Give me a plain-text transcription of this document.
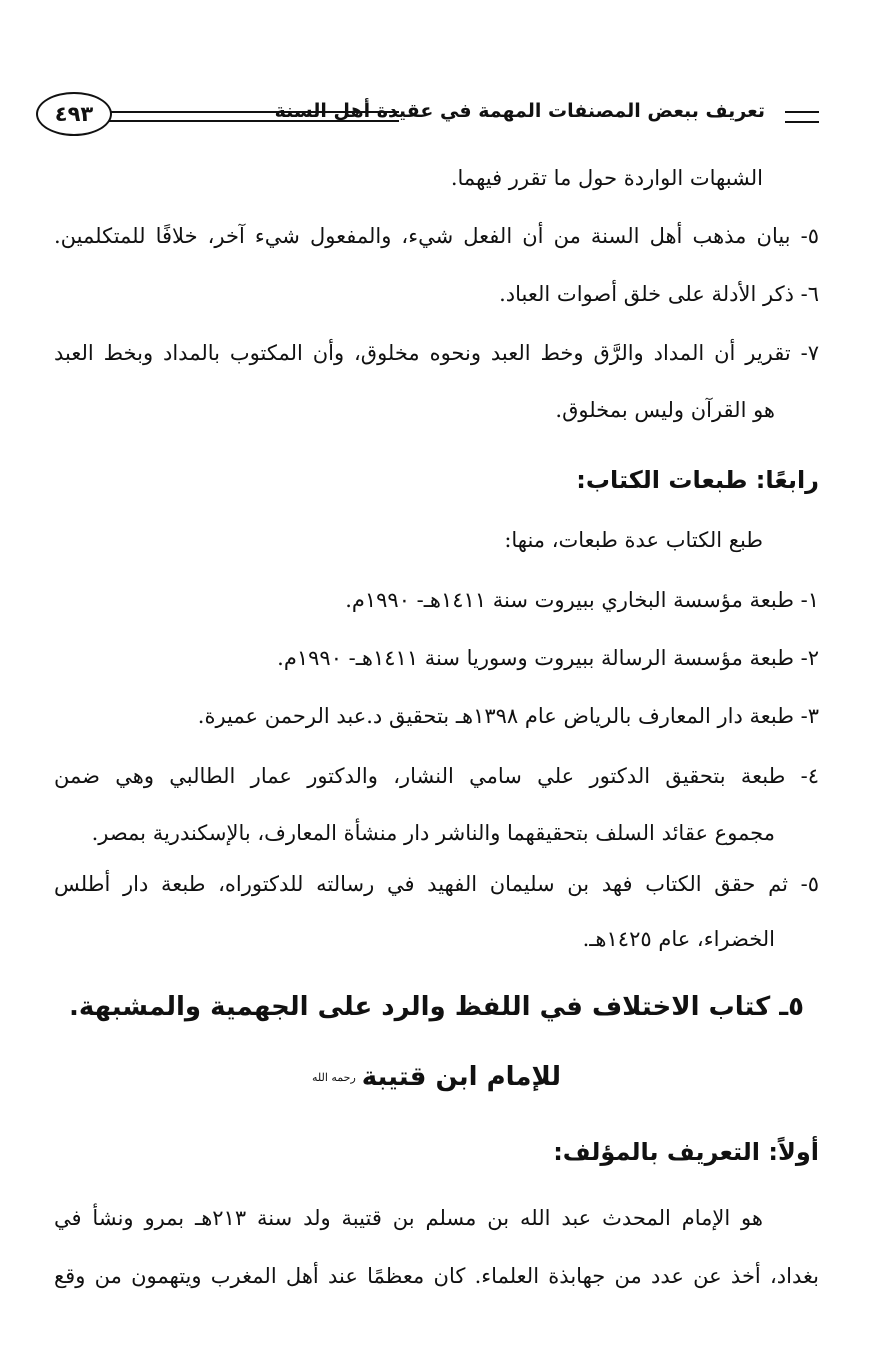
تعريف ببعض المصنفات المهمة في عقيدة أهل السنة
٤٩٣
الشبهات الواردة حول ما تقرر فيهما.
٥- بيان مذهب أهل السنة من أن الفعل شيء، والمفعول شيء آخر، خلافًا للمتكلمين.
٦- ذكر الأدلة على خلق أصوات العباد.
٧- تقرير أن المداد والرَّق وخط العبد ونحوه مخلوق، وأن المكتوب بالمداد وبخط العبد
هو القرآن وليس بمخلوق.
رابعًا: طبعات الكتاب:
طبع الكتاب عدة طبعات، منها:
١- طبعة مؤسسة البخاري ببيروت سنة ١٤١١هـ- ١٩٩٠م.
٢- طبعة مؤسسة الرسالة ببيروت وسوريا سنة ١٤١١هـ- ١٩٩٠م.
٣- طبعة دار المعارف بالرياض عام ١٣٩٨هـ بتحقيق د.عبد الرحمن عميرة.
٤- طبعة بتحقيق الدكتور علي سامي النشار، والدكتور عمار الطالبي وهي ضمن
مجموع عقائد السلف بتحقيقهما والناشر دار منشأة المعارف، بالإسكندرية بمصر.
٥- ثم حقق الكتاب فهد بن سليمان الفهيد في رسالته للدكتوراه، طبعة دار أطلس
الخضراء، عام ١٤٢٥هـ.
٥ـ كتاب الاختلاف في اللفظ والرد على الجهمية والمشبهة.
للإمام ابن قتيبةرحمه الله
أولاً: التعريف بالمؤلف:
هو الإمام المحدث عبد الله بن مسلم بن قتيبة ولد سنة ٢١٣هـ بمرو ونشأ في
بغداد، أخذ عن عدد من جهابذة العلماء. كان معظمًا عند أهل المغرب ويتهمون من وقع
